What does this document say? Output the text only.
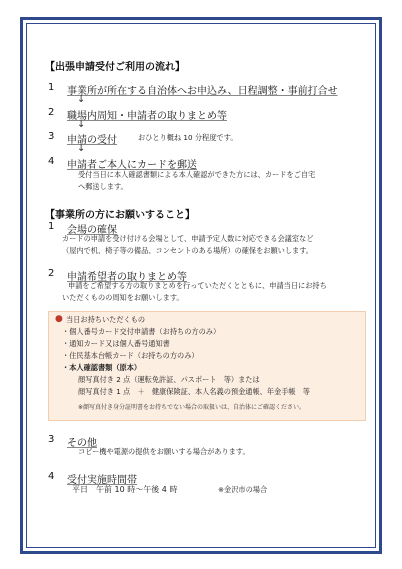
【出張申請受付ご利用の流れ】
1 事業所が所在する自治体へお申込み、日程調整・事前打合せ
↓
2 職場内周知・申請者の取りまとめ等
↓
3 申請の受付	おひとり概ね 10 分程度です。
↓
4 申請者ご本人にカードを郵送
受付当日に本人確認書類による本人確認ができた方には、カードをご自宅
へ郵送します。
【事業所の方にお願いすること】
1 会場の確保
カードの申請を受け付ける会場として、申請予定人数に対応できる会議室など
（屋内で机、椅子等の備品、コンセントのある場所）の確保をお願いします。
2 申請希望者の取りまとめ等
申請をご希望する方の取りまとめを行っていただくとともに、申請当日にお持ち
いただくものの周知をお願いします。
● 当日お持ちいただくもの
・個人番号カード交付申請書（お持ちの方のみ）
・通知カード又は個人番号通知書
・住民基本台帳カード（お持ちの方のみ）
・本人確認書類（原本）
顔写真付き 2 点（運転免許証、パスポート　等）または
顔写真付き 1 点　＋　健康保険証、本人名義の預金通帳、年金手帳　等
※顔写真付き身分証明書をお持ちでない場合の取扱いは、自治体にご確認ください。
3 その他
コピー機や電源の提供をお願いする場合があります。
4 受付実施時間帯
平日　午前 10 時～午後 4 時	※金沢市の場合
